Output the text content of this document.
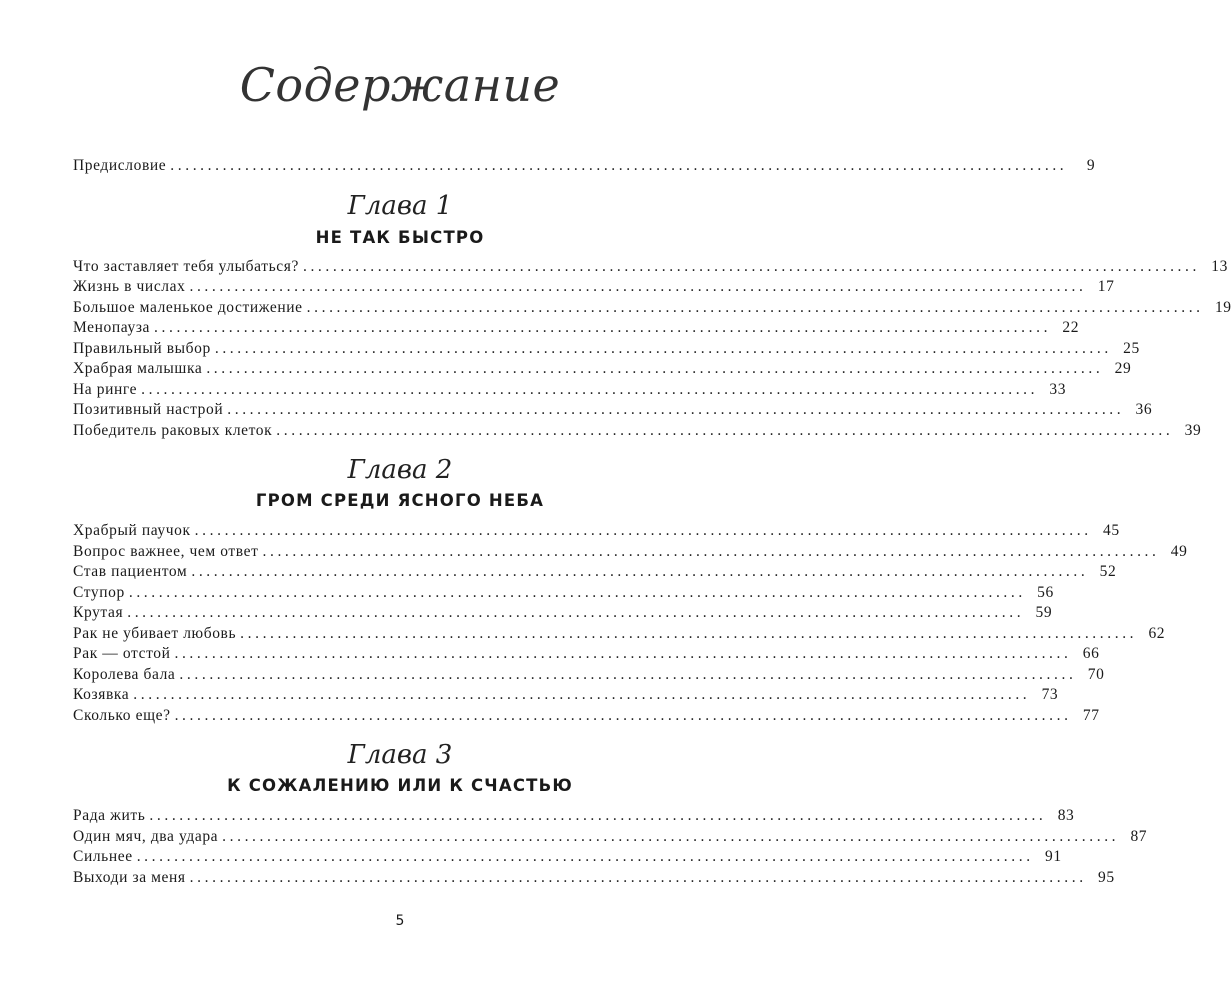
Содержание
Предисловие ........................................................................................................................	9
Глава 1
НЕ ТАК БЫСТРО
Что заставляет тебя улыбаться? ........................................................................................................................ 13
Жизнь в числах ........................................................................................................................ 17
Большое маленькое достижение ........................................................................................................................ 19
Менопауза ........................................................................................................................ 22
Правильный выбор ........................................................................................................................ 25
Храбрая малышка ........................................................................................................................ 29
На ринге ........................................................................................................................ 33
Позитивный настрой ........................................................................................................................ 36
Победитель раковых клеток ........................................................................................................................ 39
Глава 2
ГРОМ СРЕДИ ЯСНОГО НЕБА
Храбрый паучок ........................................................................................................................ 45
Вопрос важнее, чем ответ ........................................................................................................................ 49
Став пациентом ........................................................................................................................ 52
Ступор ........................................................................................................................ 56
Крутая ........................................................................................................................ 59
Рак не убивает любовь ........................................................................................................................ 62
Рак — отстой ........................................................................................................................ 66
Королева бала ........................................................................................................................ 70
Козявка ........................................................................................................................ 73
Сколько еще? ........................................................................................................................ 77
Глава 3
К СОЖАЛЕНИЮ ИЛИ К СЧАСТЬЮ
Рада жить ........................................................................................................................ 83
Один мяч, два удара ........................................................................................................................ 87
Сильнее ........................................................................................................................ 91
Выходи за меня ........................................................................................................................ 95
5
